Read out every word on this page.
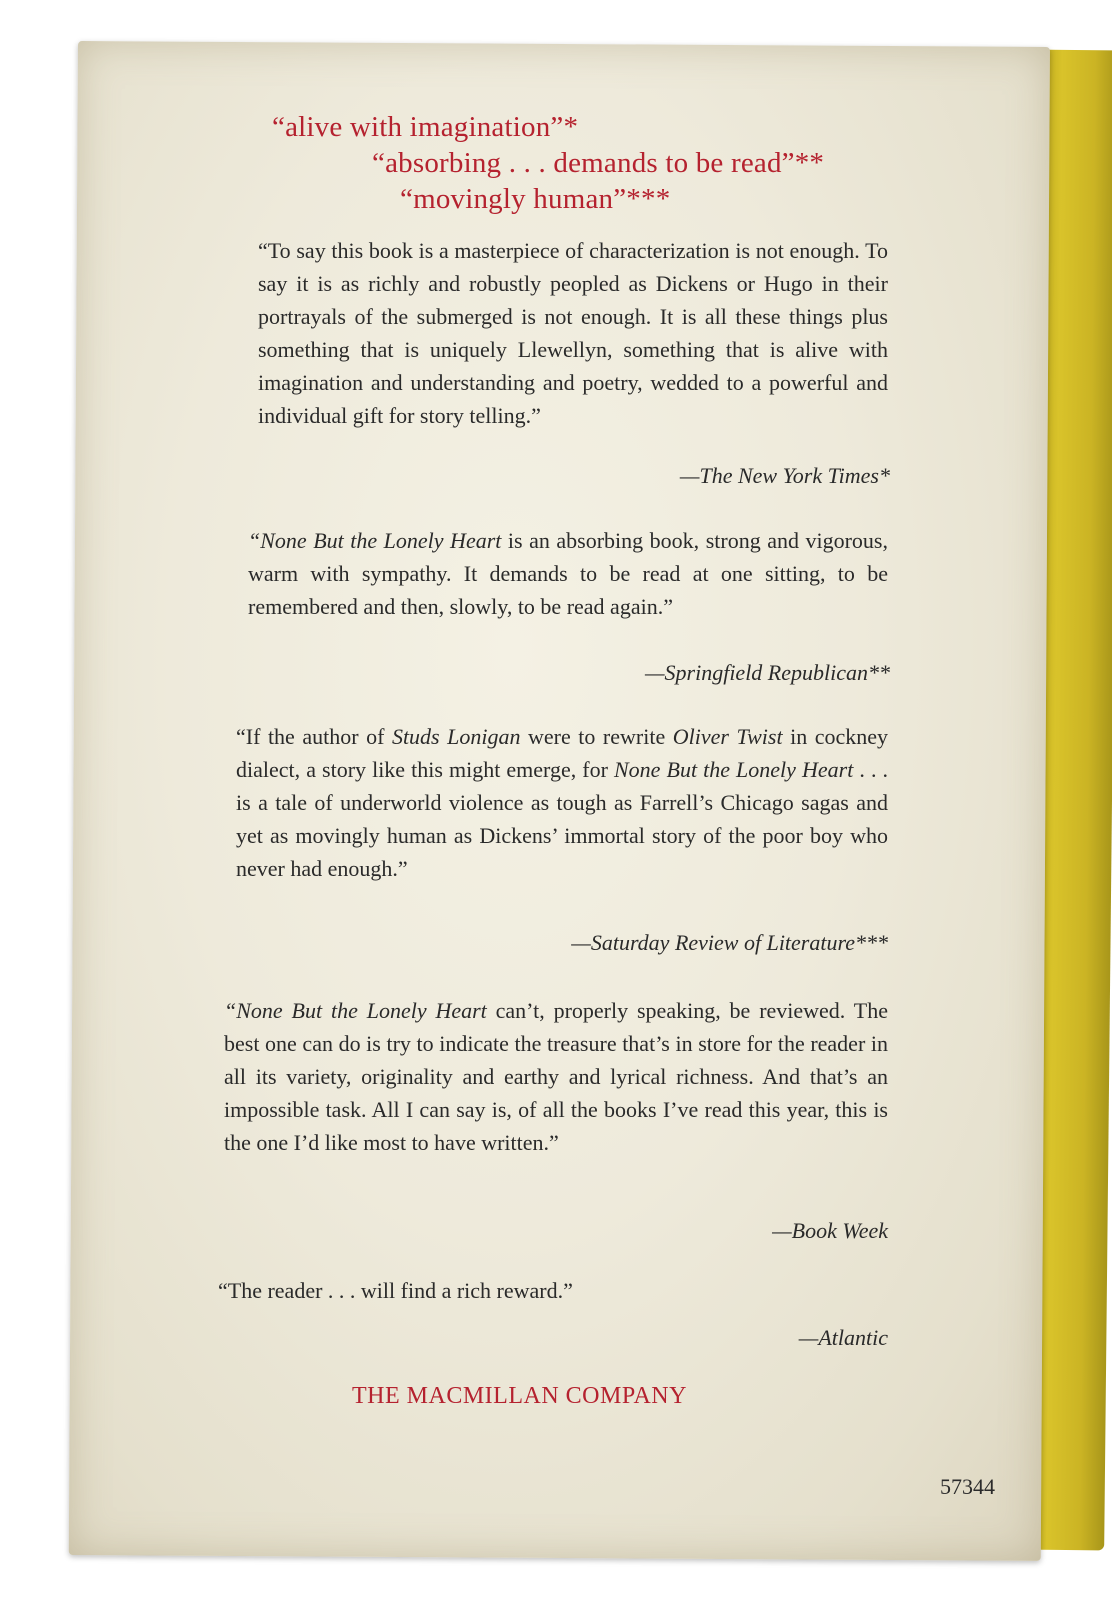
“alive with imagination”*
“absorbing . . . demands to be read”**
“movingly human”***

“To say this book is a masterpiece of characterization is not enough. To say it is as richly and robustly peopled as Dickens or Hugo in their portrayals of the submerged is not enough. It is all these things plus something that is uniquely Llewellyn, something that is alive with imagination and understanding and poetry, wedded to a powerful and individual gift for story telling.”

—The New York Times*

“None But the Lonely Heart is an absorbing book, strong and vigorous, warm with sympathy. It demands to be read at one sitting, to be remembered and then, slowly, to be read again.”

—Springfield Republican**

“If the author of Studs Lonigan were to rewrite Oliver Twist in cockney dialect, a story like this might emerge, for None But the Lonely Heart . . . is a tale of underworld violence as tough as Farrell’s Chicago sagas and yet as movingly human as Dickens’ immortal story of the poor boy who never had enough.”

—Saturday Review of Literature***

“None But the Lonely Heart can’t, properly speaking, be reviewed. The best one can do is try to indicate the treasure that’s in store for the reader in all its variety, originality and earthy and lyrical richness. And that’s an impossible task. All I can say is, of all the books I’ve read this year, this is the one I’d like most to have written.”

—Book Week

“The reader . . . will find a rich reward.”

—Atlantic
THE MACMILLAN COMPANY
57344
